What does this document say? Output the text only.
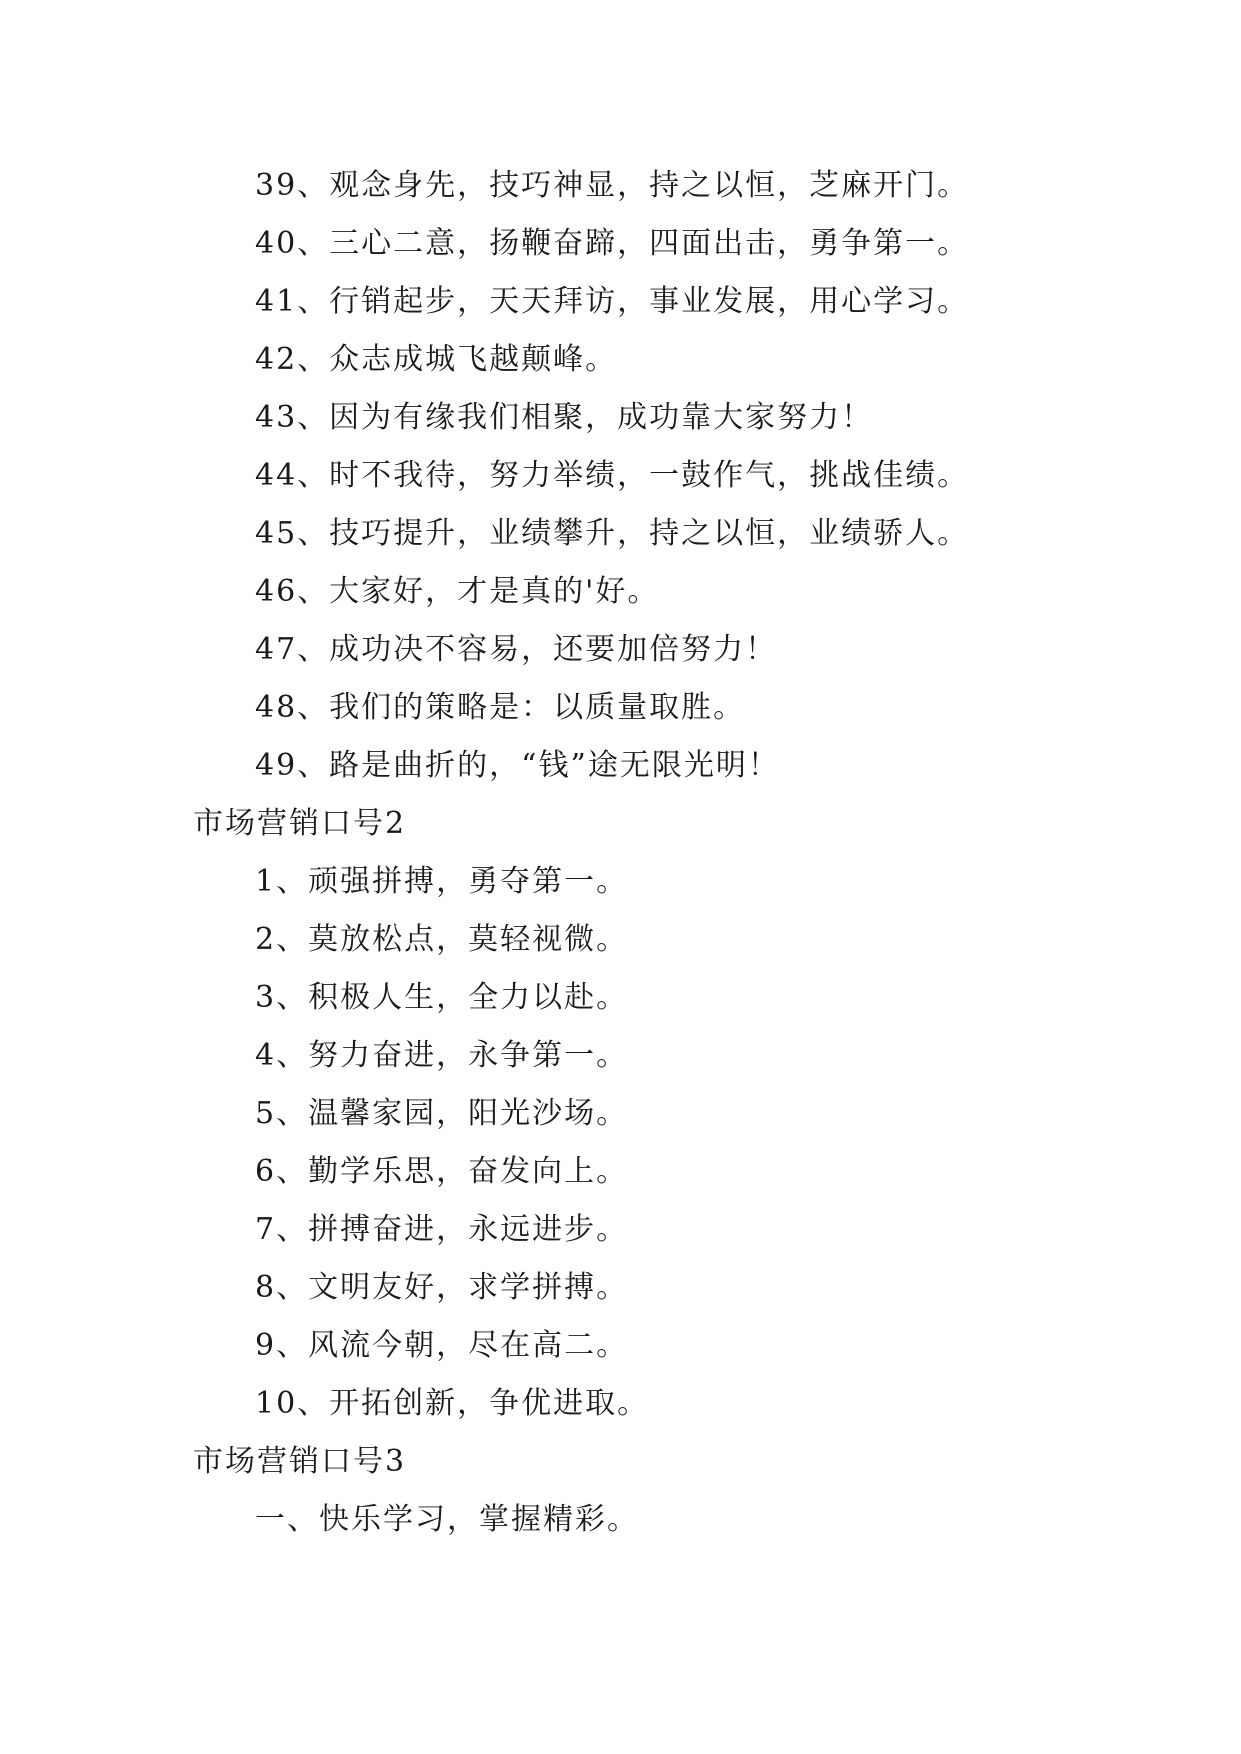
39、观念身先，技巧神显，持之以恒，芝麻开门。
40、三心二意，扬鞭奋蹄，四面出击，勇争第一。
41、行销起步，天天拜访，事业发展，用心学习。
42、众志成城飞越颠峰。
43、因为有缘我们相聚，成功靠大家努力！
44、时不我待，努力举绩，一鼓作气，挑战佳绩。
45、技巧提升，业绩攀升，持之以恒，业绩骄人。
46、大家好，才是真的'好。
47、成功决不容易，还要加倍努力！
48、我们的策略是：以质量取胜。
49、路是曲折的，“钱”途无限光明！
市场营销口号2
1、顽强拼搏，勇夺第一。
2、莫放松点，莫轻视微。
3、积极人生，全力以赴。
4、努力奋进，永争第一。
5、温馨家园，阳光沙场。
6、勤学乐思，奋发向上。
7、拼搏奋进，永远进步。
8、文明友好，求学拼搏。
9、风流今朝，尽在高二。
10、开拓创新，争优进取。
市场营销口号3
一、快乐学习，掌握精彩。
